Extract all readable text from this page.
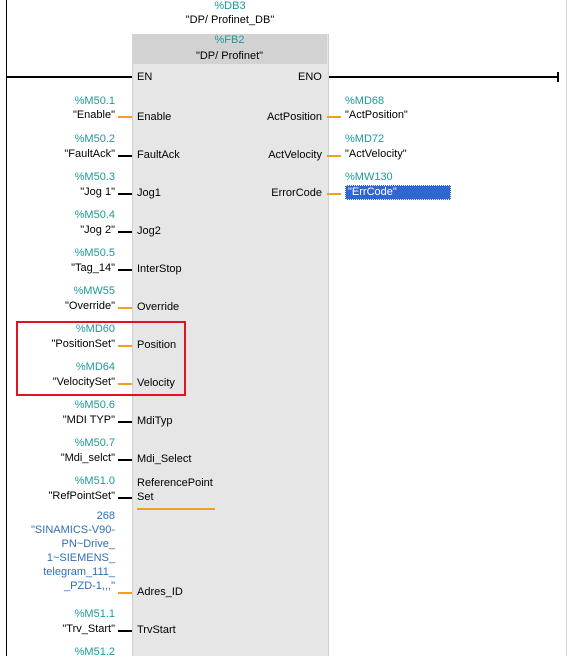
%DB3
"DP/ Profinet_DB"
%FB2
"DP/ Profinet"
EN	ENO
%M50.1
"Enable" Enable
%M50.2
"FaultAck" FaultAck
%M50.3
"Jog 1" Jog1
%M50.4
"Jog 2" Jog2
%M50.5
"Tag_14" InterStop
%MW55
"Override" Override
%MD60
"PositionSet" Position
%MD64
"VelocitySet" Velocity
%M50.6
"MDI TYP" MdiTyp
%M50.7
"Mdi_selct" Mdi_Select
%M51.0
"RefPointSet"
ReferencePoint
Set
268
"SINAMICS-V90-
PN~Drive_
1~SIEMENS_
telegram_111_
_PZD-1,,," Adres_ID
%M51.1
"Trv_Start" TrvStart
%M51.2
ActPosition
%MD68
"ActPosition"
ActVelocity
%MD72
"ActVelocity"
ErrorCode
%MW130
"ErrCode"
